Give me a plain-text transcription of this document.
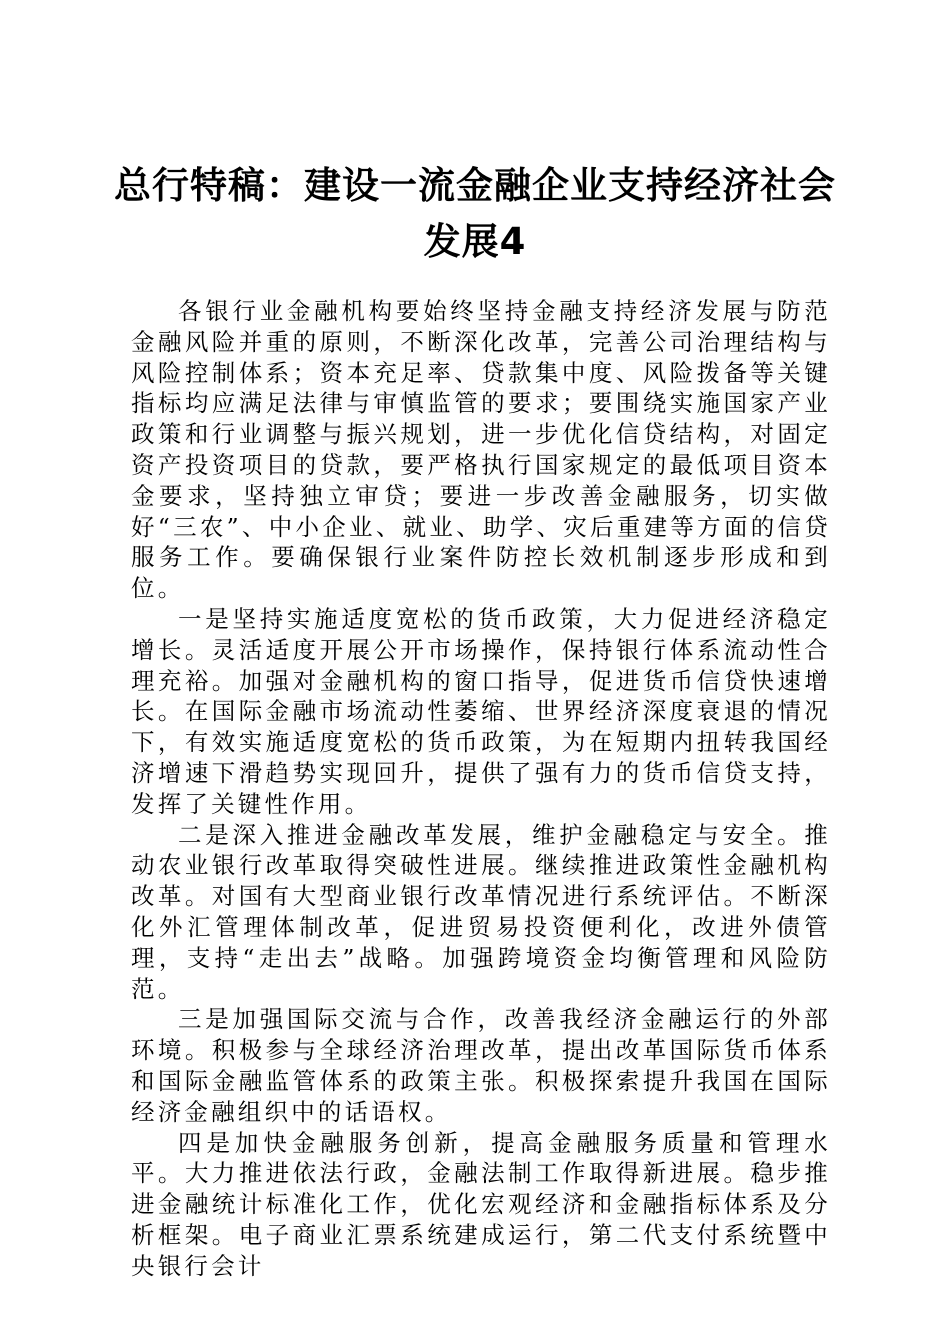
总行特稿：建设一流金融企业支持经济社会发展4

各银行业金融机构要始终坚持金融支持经济发展与防范金融风险并重的原则，不断深化改革，完善公司治理结构与风险控制体系；资本充足率、贷款集中度、风险拨备等关键指标均应满足法律与审慎监管的要求；要围绕实施国家产业政策和行业调整与振兴规划，进一步优化信贷结构，对固定资产投资项目的贷款，要严格执行国家规定的最低项目资本金要求，坚持独立审贷；要进一步改善金融服务，切实做好“三农”、中小企业、就业、助学、灾后重建等方面的信贷服务工作。要确保银行业案件防控长效机制逐步形成和到位。

一是坚持实施适度宽松的货币政策，大力促进经济稳定增长。灵活适度开展公开市场操作，保持银行体系流动性合理充裕。加强对金融机构的窗口指导，促进货币信贷快速增长。在国际金融市场流动性萎缩、世界经济深度衰退的情况下，有效实施适度宽松的货币政策，为在短期内扭转我国经济增速下滑趋势实现回升，提供了强有力的货币信贷支持，发挥了关键性作用。

二是深入推进金融改革发展，维护金融稳定与安全。推动农业银行改革取得突破性进展。继续推进政策性金融机构改革。对国有大型商业银行改革情况进行系统评估。不断深化外汇管理体制改革，促进贸易投资便利化，改进外债管理，支持“走出去”战略。加强跨境资金均衡管理和风险防范。

三是加强国际交流与合作，改善我经济金融运行的外部环境。积极参与全球经济治理改革，提出改革国际货币体系和国际金融监管体系的政策主张。积极探索提升我国在国际经济金融组织中的话语权。

四是加快金融服务创新，提高金融服务质量和管理水平。大力推进依法行政，金融法制工作取得新进展。稳步推进金融统计标准化工作，优化宏观经济和金融指标体系及分析框架。电子商业汇票系统建成运行，第二代支付系统暨中央银行会计
